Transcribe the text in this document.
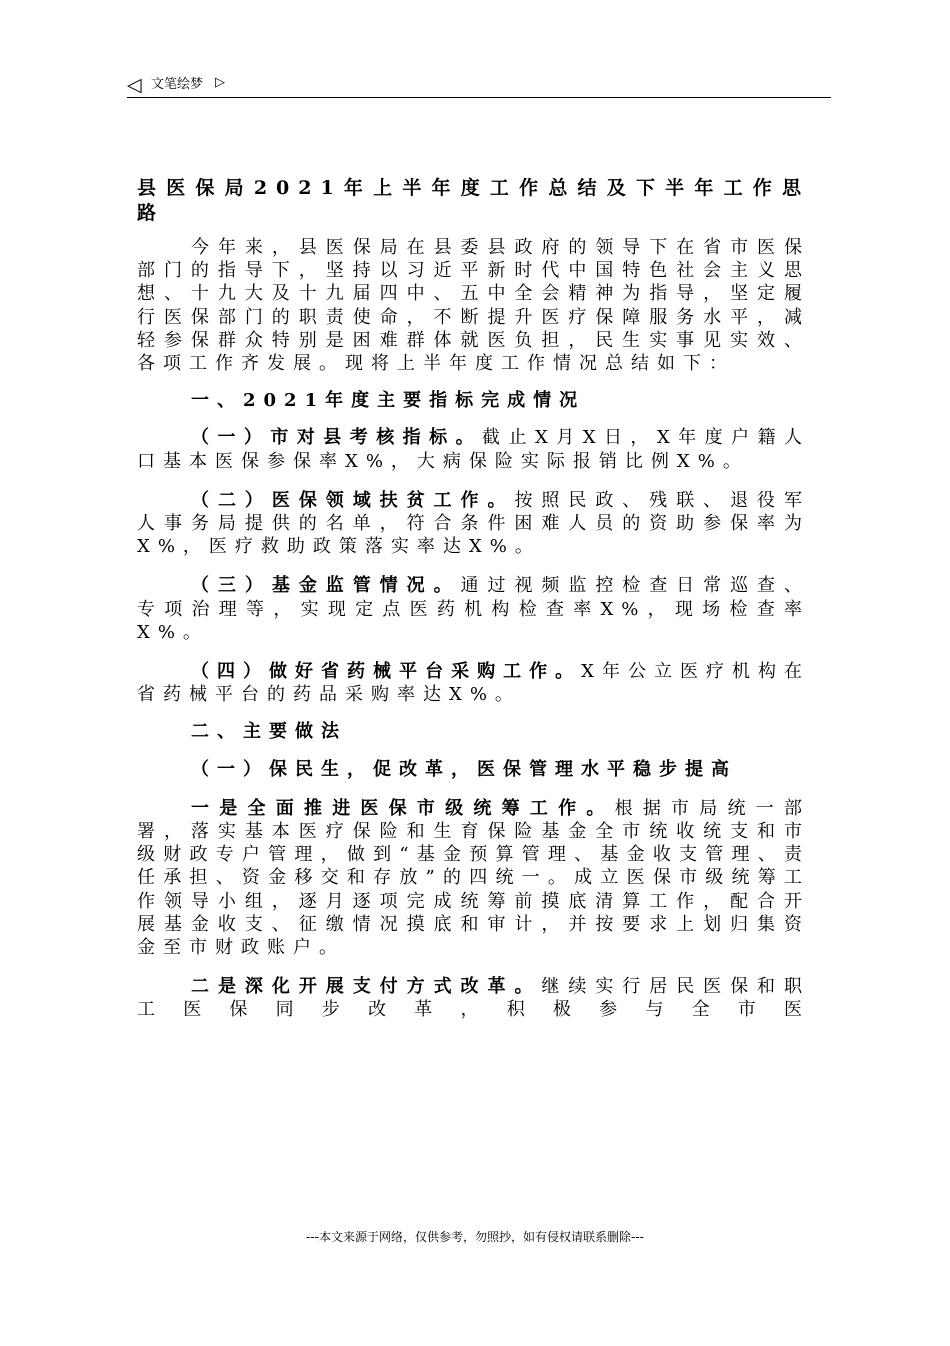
◁ 文笔绘梦 ▷

县医保局2021年上半年度工作总结及下半年工作思路

今年来，县医保局在县委县政府的领导下在省市医保部门的指导下，坚持以习近平新时代中国特色社会主义思想、十九大及十九届四中、五中全会精神为指导，坚定履行医保部门的职责使命，不断提升医疗保障服务水平，减轻参保群众特别是困难群体就医负担，民生实事见实效、各项工作齐发展。现将上半年度工作情况总结如下：

一、2021年度主要指标完成情况

（一）市对县考核指标。截止X月X日，X年度户籍人口基本医保参保率X%，大病保险实际报销比例X%。

（二）医保领域扶贫工作。按照民政、残联、退役军人事务局提供的名单，符合条件困难人员的资助参保率为X%，医疗救助政策落实率达X%。

（三）基金监管情况。通过视频监控检查日常巡查、专项治理等，实现定点医药机构检查率X%，现场检查率X%。

（四）做好省药械平台采购工作。X年公立医疗机构在省药械平台的药品采购率达X%。

二、主要做法

（一）保民生，促改革，医保管理水平稳步提高

一是全面推进医保市级统筹工作。根据市局统一部署，落实基本医疗保险和生育保险基金全市统收统支和市级财政专户管理，做到“基金预算管理、基金收支管理、责任承担、资金移交和存放”的四统一。成立医保市级统筹工作领导小组，逐月逐项完成统筹前摸底清算工作，配合开展基金收支、征缴情况摸底和审计，并按要求上划归集资金至市财政账户。

二是深化开展支付方式改革。继续实行居民医保和职工医保同步改革，积极参与全市医

---本文来源于网络，仅供参考，勿照抄，如有侵权请联系删除---
